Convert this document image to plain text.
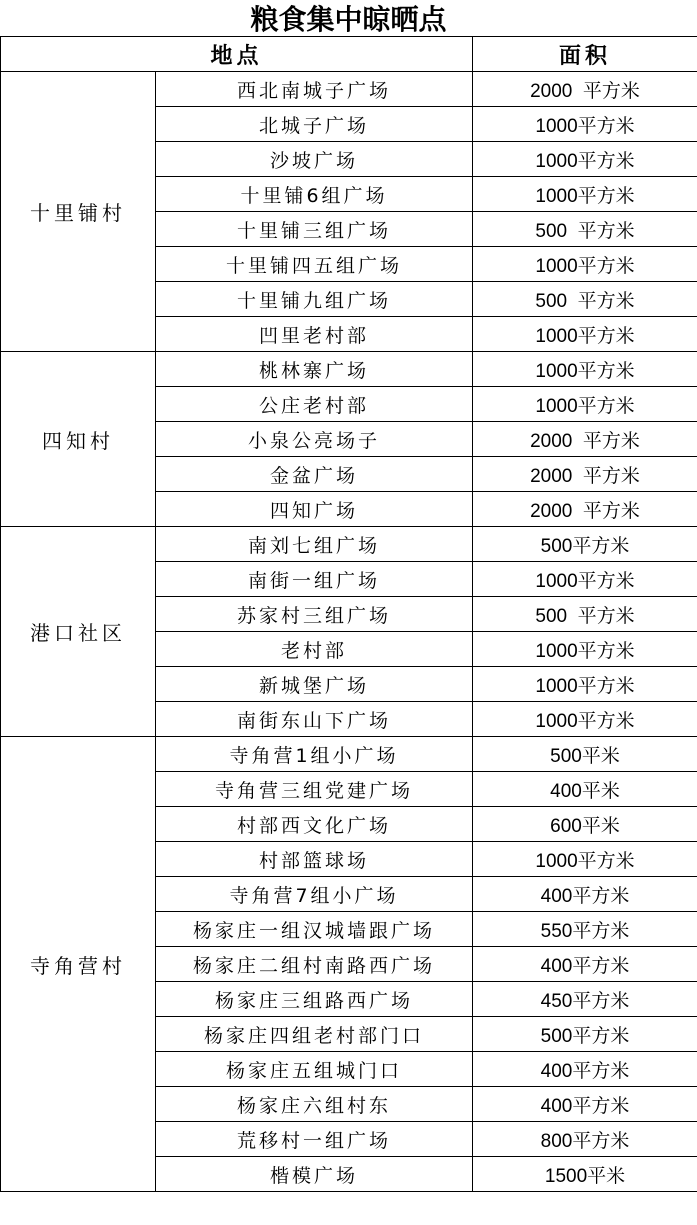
粮食集中晾晒点
地点		面积
十里铺村	西北南城子广场	2000  平方米
	北城子广场	1000平方米
	沙坡广场	1000平方米
	十里铺6组广场	1000平方米
	十里铺三组广场	500  平方米
	十里铺四五组广场	1000平方米
	十里铺九组广场	500  平方米
	凹里老村部	1000平方米
四知村	桃林寨广场	1000平方米
	公庄老村部	1000平方米
	小泉公亮场子	2000  平方米
	金盆广场	2000  平方米
	四知广场	2000  平方米
港口社区	南刘七组广场	500平方米
	南街一组广场	1000平方米
	苏家村三组广场	500  平方米
	老村部	1000平方米
	新城堡广场	1000平方米
	南街东山下广场	1000平方米
寺角营村	寺角营1组小广场	500平米
	寺角营三组党建广场	400平米
	村部西文化广场	600平米
	村部篮球场	1000平方米
	寺角营7组小广场	400平方米
	杨家庄一组汉城墙跟广场	550平方米
	杨家庄二组村南路西广场	400平方米
	杨家庄三组路西广场	450平方米
	杨家庄四组老村部门口	500平方米
	杨家庄五组城门口	400平方米
	杨家庄六组村东	400平方米
	荒移村一组广场	800平方米
	楷模广场	1500平米
